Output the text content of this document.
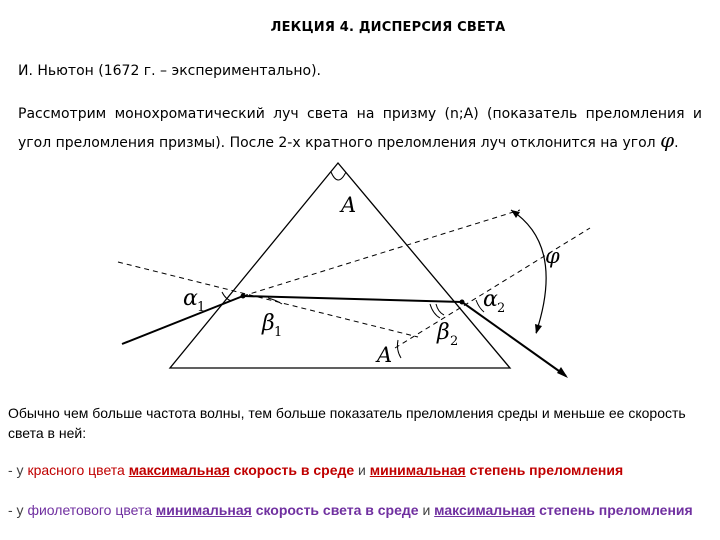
ЛЕКЦИЯ 4. ДИСПЕРСИЯ СВЕТА
И. Ньютон (1672 г. – экспериментально).
Рассмотрим монохроматический луч света на призму (n;A) (показатель преломления и угол преломления призмы). После 2-х кратного преломления луч отклонится на угол φ.
A
φ
α 1
β 1
A
β 2
α 2
Обычно чем больше частота волны, тем больше показатель преломления среды и меньше ее скорость света в ней:
- у красного цвета максимальная скорость в среде и минимальная степень преломления
- у фиолетового цвета минимальная скорость света в среде и максимальная степень преломления
